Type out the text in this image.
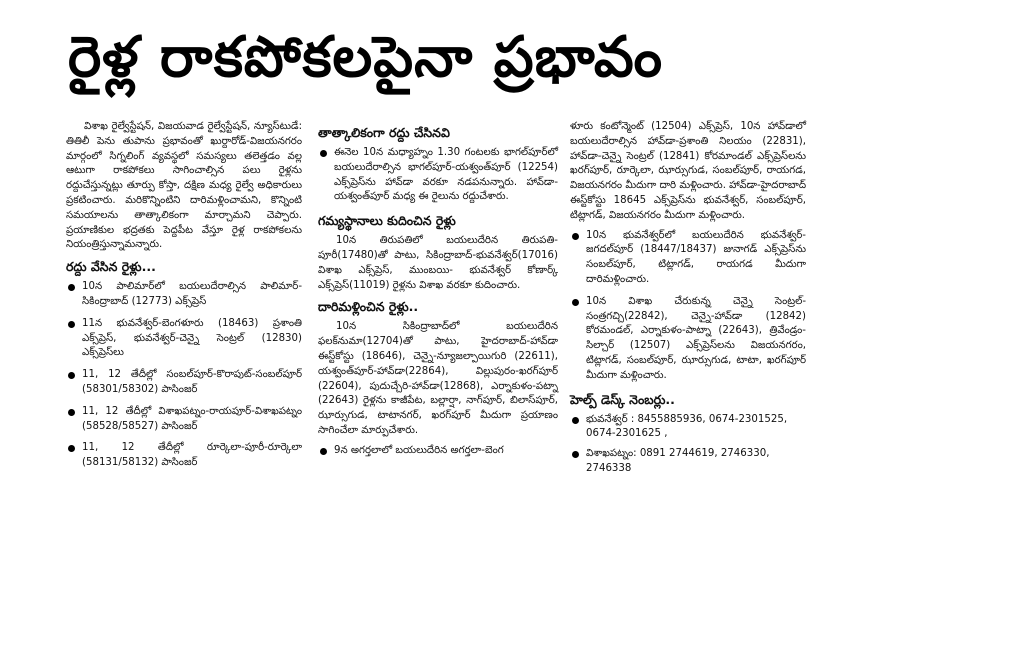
రైళ్ల రాకపోకలపైనా ప్రభావం

విశాఖ రైల్వేస్టేషన్, విజయవాడ రైల్వేస్టేషన్, న్యూస్‌టుడే: తితిలీ పెను తుపాను ప్రభావంతో ఖుర్దారోడ్-విజయనగరం మార్గంలో సిగ్నలింగ్ వ్యవస్థలో సమస్యలు తలెత్తడం వల్ల ఆటుగా రాకపోకలు సాగించాల్సిన పలు రైళ్లను రద్దుచేస్తున్నట్లు తూర్పు కోస్తా, దక్షిణ మధ్య రైల్వే అధికారులు ప్రకటించారు. మరికొన్నింటిని దారిమళ్లించామని, కొన్నింటి సమయాలను తాత్కాలికంగా మార్చామని చెప్పారు. ప్రయాణికుల భద్రతకు పెద్దపీట వేస్తూ రైళ్ల రాకపోకలను నియంత్రిస్తున్నామన్నారు.

రద్దు వేసిన రైళ్లు...
10న పాలిమార్‌లో బయలుదేరాల్సిన పాలిమార్-సికింద్రాబాద్ (12773) ఎక్స్‌ప్రెస్
11న భువనేశ్వర్-బెంగళూరు (18463) ప్రశాంతి ఎక్స్‌ప్రెస్, భువనేశ్వర్-చెన్నై సెంట్రల్ (12830) ఎక్స్‌ప్రెస్‌లు
11, 12 తేదీల్లో సంబల్‌పూర్-కొరాపుట్-సంబల్‌పూర్ (58301/58302) పాసింజర్
11, 12 తేదీల్లో విశాఖపట్నం-రాయపూర్-విశాఖపట్నం (58528/58527) పాసింజర్
11, 12 తేదీల్లో రూర్కెలా-పూరీ-రూర్కెలా (58131/58132) పాసింజర్
తాత్కాలికంగా రద్దు చేసినవి
ఈనెల 10న మధ్యాహ్నం 1.30 గంటలకు భాగల్‌పూర్‌లో బయలుదేరాల్సిన భాగల్‌పూర్-యశ్వంత్‌పూర్ (12254) ఎక్స్‌ప్రెస్‌ను హావ్‌డా వరకూ నడపనున్నారు. హావ్‌డా-యశ్వంత్‌పూర్ మధ్య ఈ రైలును రద్దుచేశారు.
గమ్యస్థానాలు కుదించిన రైళ్లు

10న తిరుపతిలో బయలుదేరిన తిరుపతి-పూరీ(17480)తో పాటు, సికింద్రాబాద్-భువనేశ్వర్(17016) విశాఖ ఎక్స్‌ప్రెస్, ముంబయి- భువనేశ్వర్ కోణార్క్ ఎక్స్‌ప్రెస్(11019) రైళ్లను విశాఖ వరకూ కుదించారు.

దారిమళ్లించిన రైళ్లు..

10న సికింద్రాబాద్‌లో బయలుదేరిన ఫలక్‌నుమా(12704)తో పాటు, హైదరాబాద్-హావ్‌డా ఈస్ట్‌కోస్టు (18646), చెన్నై-న్యూజల్పాయిగురి (22611), యశ్వంత్‌పూర్-హావ్‌డా(22864), విల్లుపురం-ఖరగ్‌పూర్ (22604), పుదుచ్చేరి-హావ్‌డా(12868), ఎర్నాకుళం-పట్నా (22643) రైళ్లను కాజీపేట, బల్లార్షా, నాగ్‌పూర్, బిలాస్‌పూర్, ఝార్సుగుడ, టాటానగర్, ఖరగ్‌పూర్ మీదుగా ప్రయాణం సాగించేలా మార్పుచేశారు.

9న అగర్తలాలో బయలుదేరిన అగర్తలా-బెంగ

ళూరు కంటోన్మెంట్ (12504) ఎక్స్‌ప్రెస్, 10న హావ్‌డాలో బయలుదేరాల్సిన హావ్‌డా-ప్రశాంతి నిలయం (22831), హావ్‌డా-చెన్నై సెంట్రల్ (12841) కోరమాండల్ ఎక్స్‌ప్రెస్‌లను ఖరగ్‌పూర్, రూర్కెలా, ఝార్సుగుడ, సంబల్‌పూర్, రాయగడ, విజయనగరం మీదుగా దారి మళ్లించారు. హావ్‌డా-హైదరాబాద్ ఈస్ట్‌కోస్టు 18645 ఎక్స్‌ప్రెస్‌ను భువనేశ్వర్, సంబల్‌పూర్, టిట్లాగడ్, విజయనగరం మీదుగా మళ్లించారు.

10న భువనేశ్వర్‌లో బయలుదేరిన భువనేశ్వర్-జగదల్‌పూర్ (18447/18437) జునాగడ్ ఎక్స్‌ప్రెస్‌ను సంబల్‌పూర్, టిట్లాగడ్, రాయగడ మీదుగా దారిమళ్లించారు.
10న విశాఖ చేరుకున్న చెన్నై సెంట్రల్-సంత్రగచ్చి(22842), చెన్నై-హావ్‌డా (12842) కోరమండల్, ఎర్నాకుళం-పాట్నా (22643), త్రివేండ్రం-సిల్చార్ (12507) ఎక్స్‌ప్రెస్‌లను విజయనగరం, టిట్లాగడ్, సంబల్‌పూర్, ఝార్సుగుడ, టాటా, ఖరగ్‌పూర్ మీదుగా మళ్లించారు.
హెల్ప్ డెస్క్ నెంబర్లు..
భువనేశ్వర్ : 8455885936, 0674-2301525, 0674-2301625 ,
విశాఖపట్నం: 0891 2744619, 2746330, 2746338
